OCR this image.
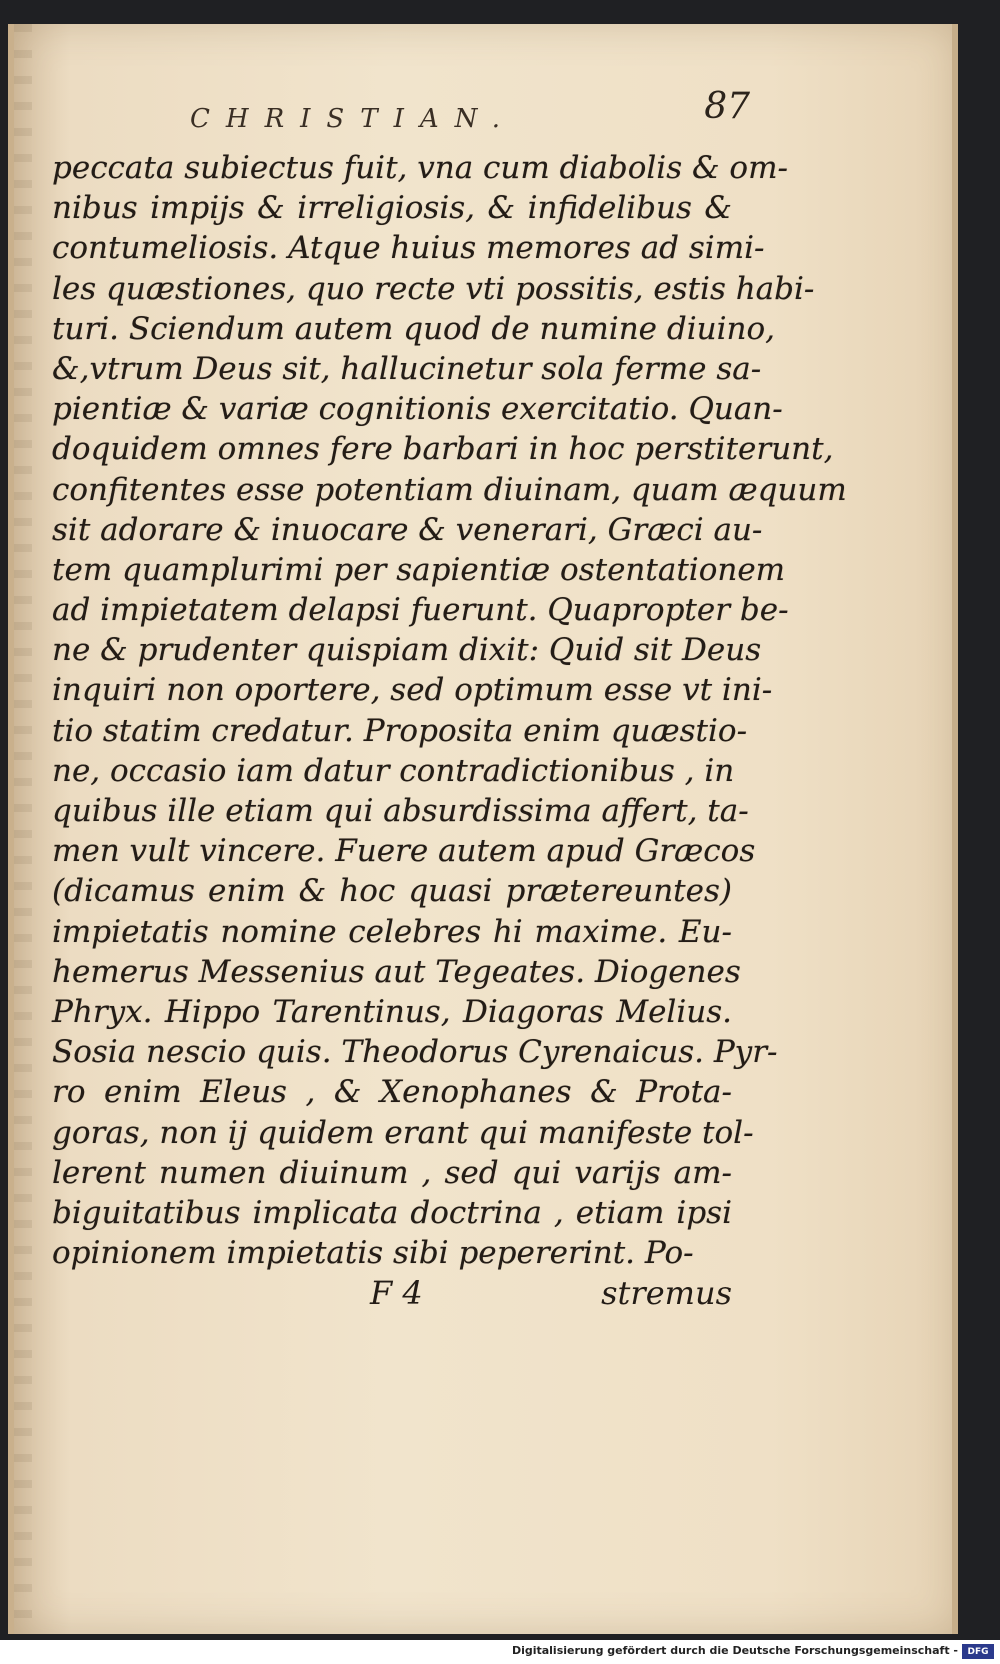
CHRISTIAN.	87
peccata subiectus fuit, vna cum diabolis & om-
nibus impijs & irreligiosis, & infidelibus &
contumeliosis. Atque huius memores ad simi-
les quæstiones, quo recte vti possitis, estis habi-
turi. Sciendum autem quod de numine diuino,
&,vtrum Deus sit, hallucinetur sola ferme sa-
pientiæ & variæ cognitionis exercitatio. Quan-
doquidem omnes fere barbari in hoc perstiterunt,
confitentes esse potentiam diuinam, quam æquum
sit adorare & inuocare & venerari, Græci au-
tem quamplurimi per sapientiæ ostentationem
ad impietatem delapsi fuerunt. Quapropter be-
ne & prudenter quispiam dixit: Quid sit Deus
inquiri non oportere, sed optimum esse vt ini-
tio statim credatur. Proposita enim quæstio-
ne, occasio iam datur contradictionibus , in
quibus ille etiam qui absurdissima affert, ta-
men vult vincere. Fuere autem apud Græcos
(dicamus enim & hoc quasi prætereuntes)
impietatis nomine celebres hi maxime. Eu-
hemerus Messenius aut Tegeates. Diogenes
Phryx. Hippo Tarentinus, Diagoras Melius.
Sosia nescio quis. Theodorus Cyrenaicus. Pyr-
ro enim Eleus , & Xenophanes & Prota-
goras, non ij quidem erant qui manifeste tol-
lerent numen diuinum , sed qui varijs am-
biguitatibus implicata doctrina , etiam ipsi
opinionem impietatis sibi pepererint. Po-
F 4	stremus
Digitalisierung gefördert durch die Deutsche Forschungsgemeinschaft -	DFG
